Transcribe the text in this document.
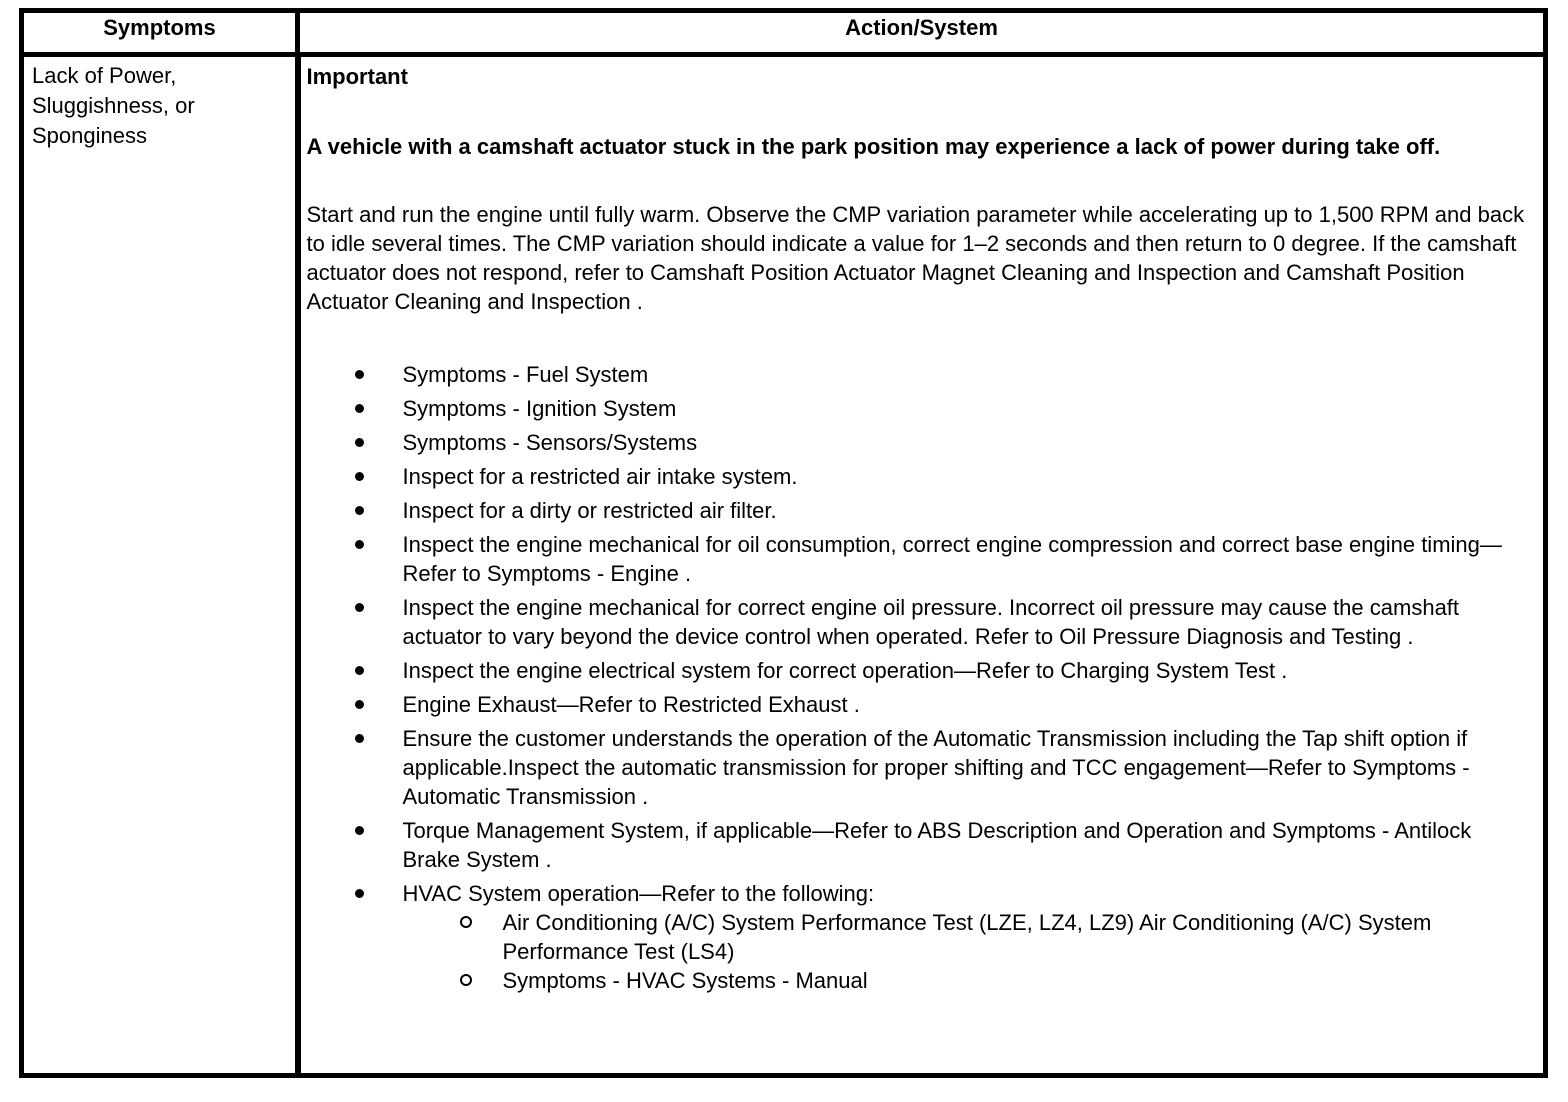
Symptoms	Action/System
Lack of Power, Sluggishness, or Sponginess	

Important

A vehicle with a camshaft actuator stuck in the park position may experience a lack of power during take off.

Start and run the engine until fully warm. Observe the CMP variation parameter while accelerating up to 1,500 RPM and back to idle several times. The CMP variation should indicate a value for 1–2 seconds and then return to 0 degree. If the camshaft actuator does not respond, refer to Camshaft Position Actuator Magnet Cleaning and Inspection and Camshaft Position Actuator Cleaning and Inspection .

Symptoms - Fuel System
Symptoms - Ignition System
Symptoms - Sensors/Systems
Inspect for a restricted air intake system.
Inspect for a dirty or restricted air filter.
Inspect the engine mechanical for oil consumption, correct engine compression and correct base engine timing—Refer to Symptoms - Engine .
Inspect the engine mechanical for correct engine oil pressure. Incorrect oil pressure may cause the camshaft actuator to vary beyond the device control when operated. Refer to Oil Pressure Diagnosis and Testing .
Inspect the engine electrical system for correct operation—Refer to Charging System Test .
Engine Exhaust—Refer to Restricted Exhaust .
Ensure the customer understands the operation of the Automatic Transmission including the Tap shift option if applicable.Inspect the automatic transmission for proper shifting and TCC engagement—Refer to Symptoms - Automatic Transmission .
Torque Management System, if applicable—Refer to ABS Description and Operation and Symptoms - Antilock Brake System .
HVAC System operation—Refer to the following:
Air Conditioning (A/C) System Performance Test (LZE, LZ4, LZ9) Air Conditioning (A/C) System Performance Test (LS4)
Symptoms - HVAC Systems - Manual
